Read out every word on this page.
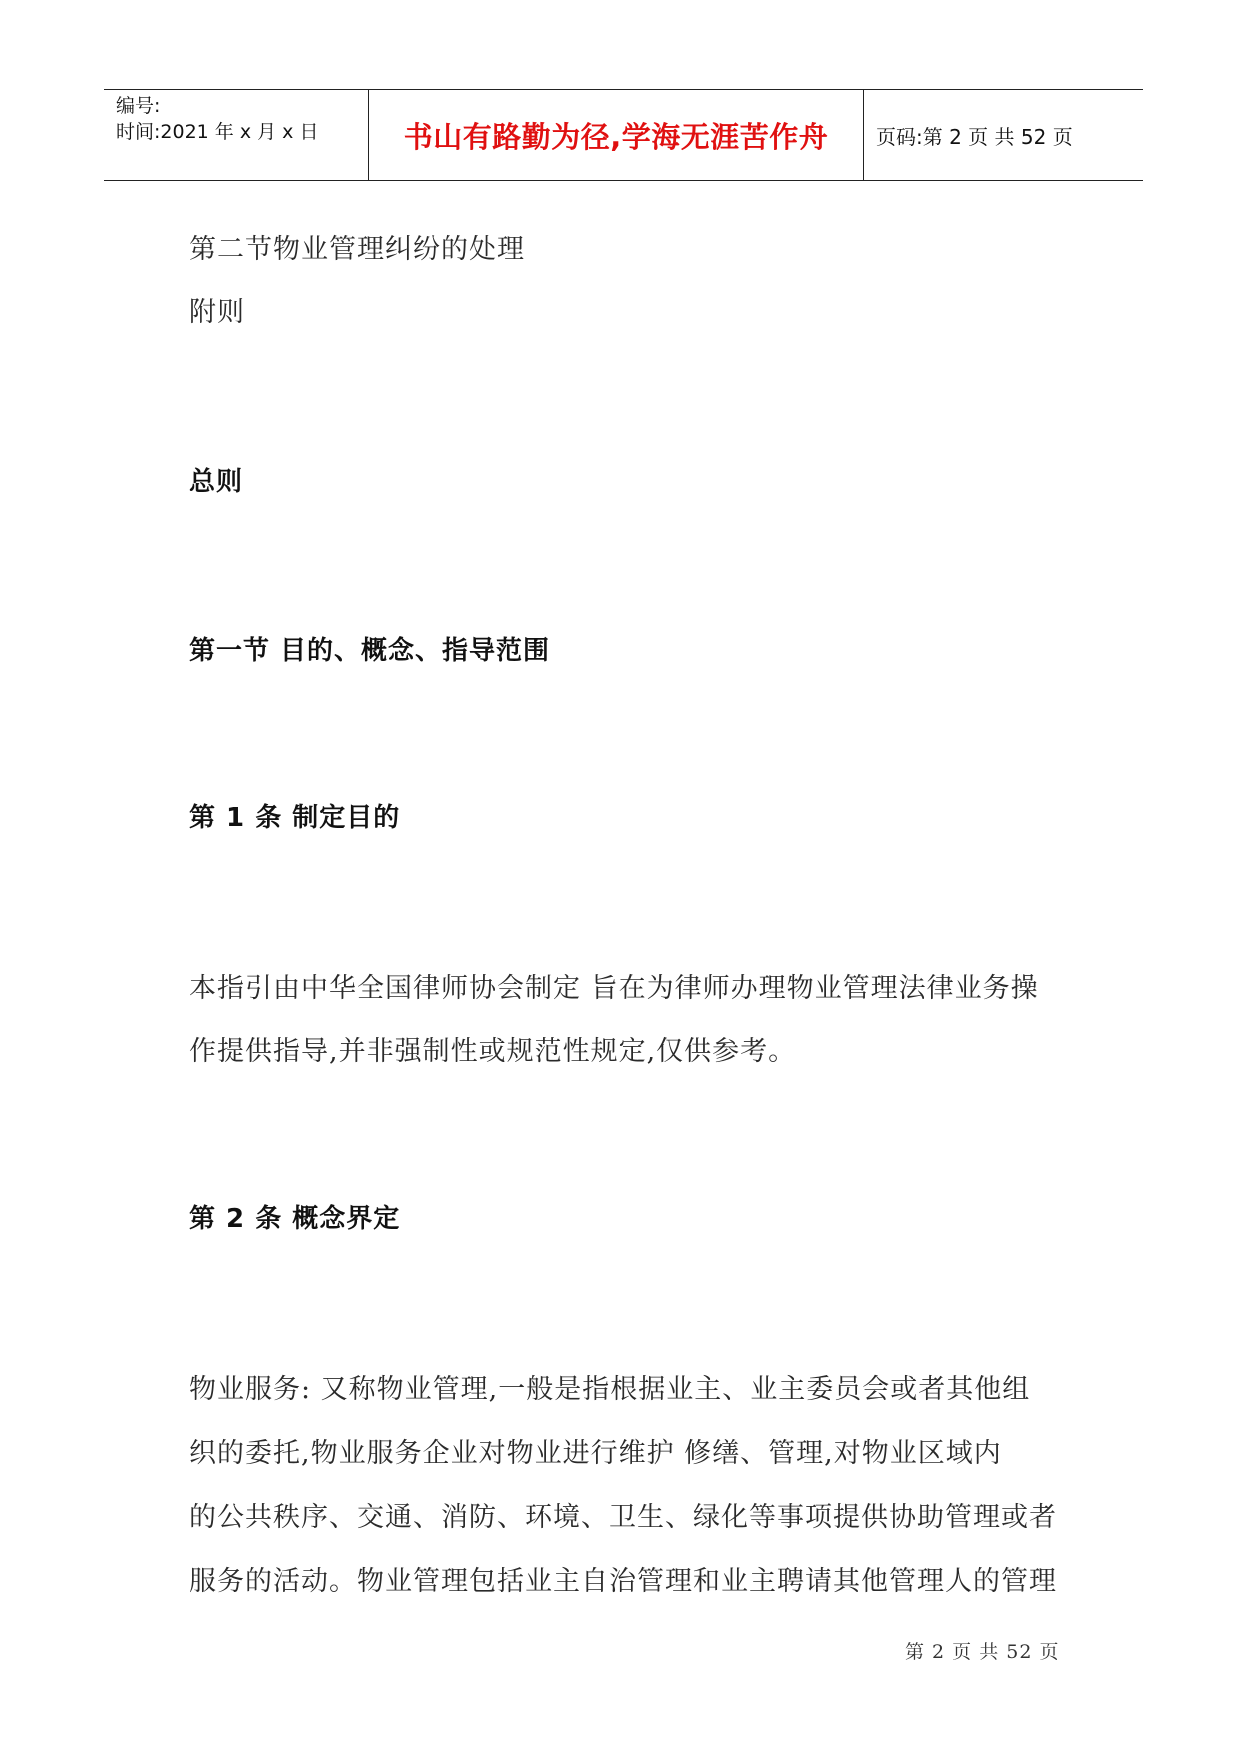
编号:
时间:2021 年 x 月 x 日	书山有路勤为径,学海无涯苦作舟 页码:第 2 页 共 52 页
第二节物业管理纠纷的处理
附则
总则
第一节 目的、概念、指导范围
第 1 条 制定目的
本指引由中华全国律师协会制定 旨在为律师办理物业管理法律业务操
作提供指导,并非强制性或规范性规定,仅供参考。
第 2 条 概念界定
物业服务: 又称物业管理,一般是指根据业主、业主委员会或者其他组
织的委托,物业服务企业对物业进行维护 修缮、管理,对物业区域内
的公共秩序、交通、消防、环境、卫生、绿化等事项提供协助管理或者
服务的活动。物业管理包括业主自治管理和业主聘请其他管理人的管理
第 2 页 共 52 页
